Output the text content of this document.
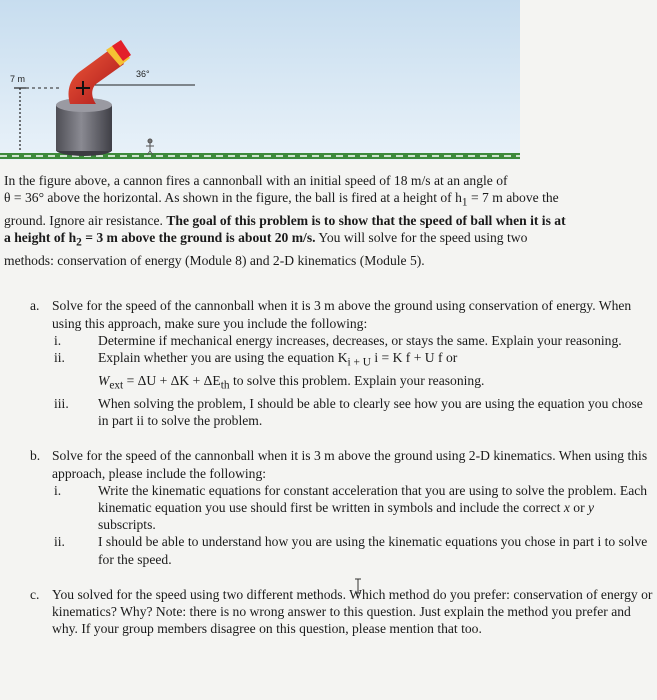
7 m	36°
In the figure above, a cannon fires a cannonball with an initial speed of 18 m/s at an angle of
θ = 36° above the horizontal. As shown in the figure, the ball is fired at a height of $h_1 = 7$ m above the
ground. Ignore air resistance. The goal of this problem is to show that the speed of ball when it is at
a height of $h_2 = 3$ m above the ground is about 20 m/s. You will solve for the speed using two
methods: conservation of energy (Module 8) and 2-D kinematics (Module 5).
a. Solve for the speed of the cannonball when it is 3 m above the ground using conservation of energy. When using this approach, make sure you include the following:
i.	Determine if mechanical energy increases, decreases, or stays the same. Explain your reasoning.
ii.	Explain whether you are using the equation $K_{i + U}$ i = K f + U f or
$W_{ext} = \Delta U + \Delta K + \Delta E_{th}$ to solve this problem. Explain your reasoning.
iii.	When solving the problem, I should be able to clearly see how you are using the equation you chose in part ii to solve the problem.
b. Solve for the speed of the cannonball when it is 3 m above the ground using 2-D kinematics. When using this approach, please include the following:
i.	Write the kinematic equations for constant acceleration that you are using to solve the problem. Each kinematic equation you use should first be written in symbols and include the correct x or y subscripts.
ii.	I should be able to understand how you are using the kinematic equations you chose in part i to solve for the speed.
c. You solved for the speed using two different methods. Which method do you prefer: conservation of energy or kinematics? Why? Note: there is no wrong answer to this question. Just explain the method you prefer and why. If your group members disagree on this question, please mention that too.
